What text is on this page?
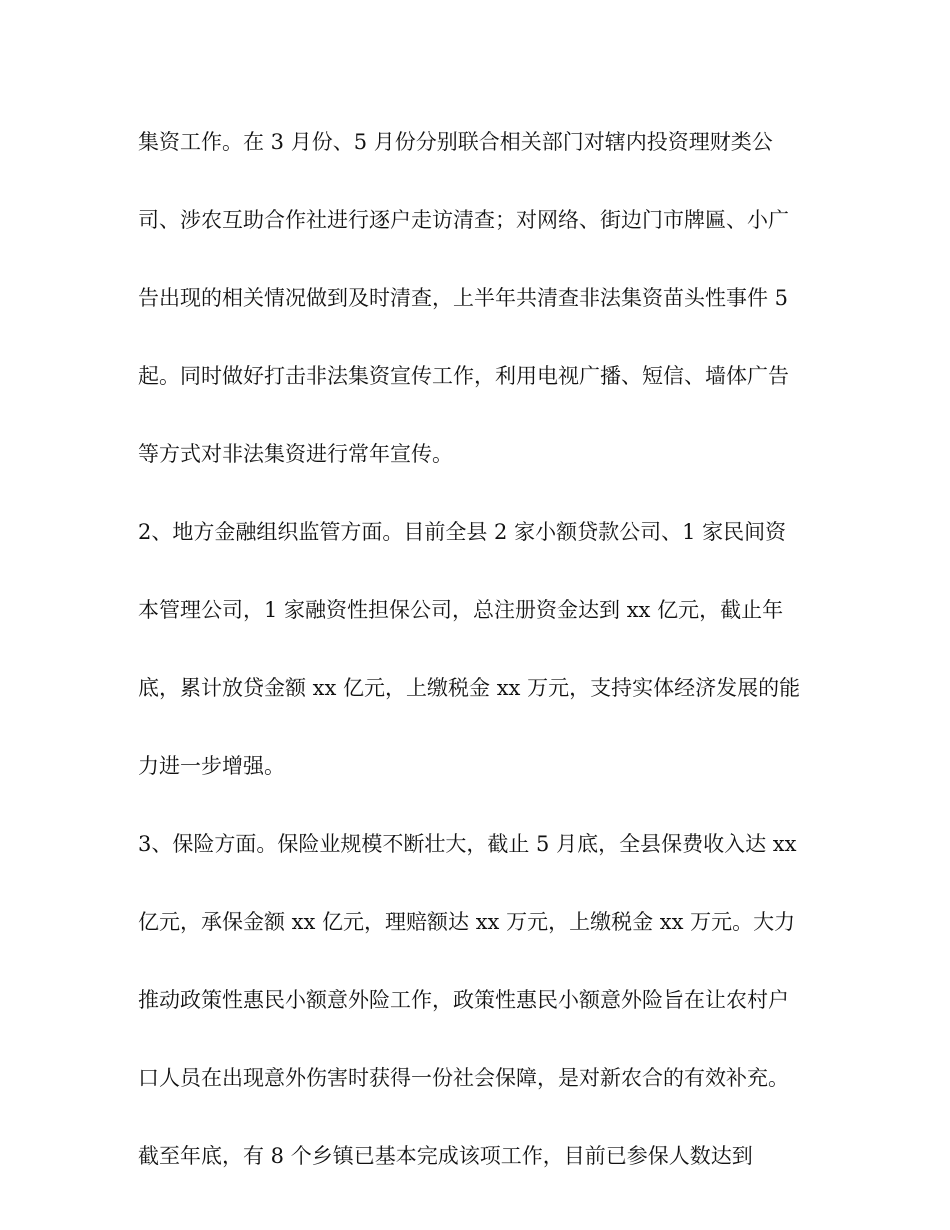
集资工作。在 3 月份、5 月份分别联合相关部门对辖内投资理财类公
司、涉农互助合作社进行逐户走访清查；对网络、街边门市牌匾、小广
告出现的相关情况做到及时清查，上半年共清查非法集资苗头性事件 5
起。同时做好打击非法集资宣传工作，利用电视广播、短信、墙体广告
等方式对非法集资进行常年宣传。
2、地方金融组织监管方面。目前全县 2 家小额贷款公司、1 家民间资
本管理公司，1 家融资性担保公司，总注册资金达到 xx 亿元，截止年
底，累计放贷金额 xx 亿元，上缴税金 xx 万元，支持实体经济发展的能
力进一步增强。
3、保险方面。保险业规模不断壮大，截止 5 月底，全县保费收入达 xx
亿元，承保金额 xx 亿元，理赔额达 xx 万元，上缴税金 xx 万元。大力
推动政策性惠民小额意外险工作，政策性惠民小额意外险旨在让农村户
口人员在出现意外伤害时获得一份社会保障，是对新农合的有效补充。
截至年底，有 8 个乡镇已基本完成该项工作，目前已参保人数达到
